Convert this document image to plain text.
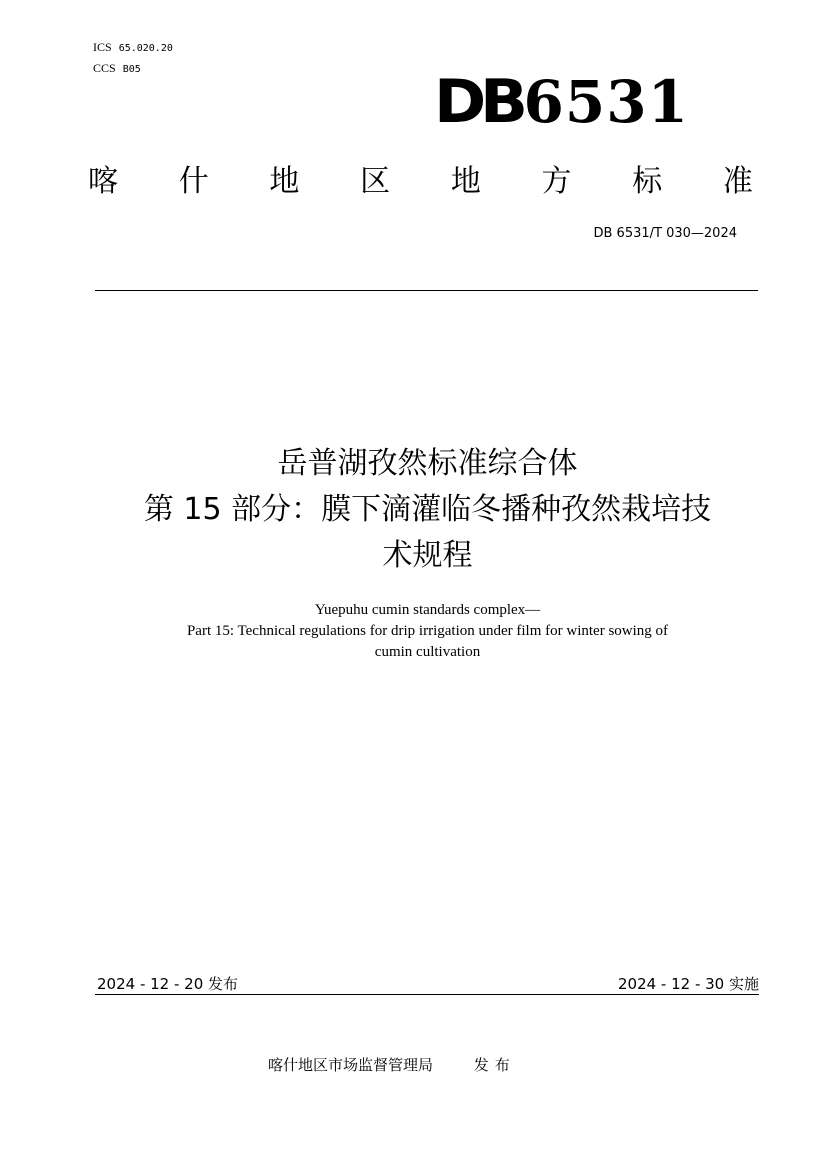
ICS 65.020.20
CCS B05	DB 6531
喀 什 地 区 地 方 标 准
DB 6531/T 030—2024
岳普湖孜然标准综合体
第 15 部分：膜下滴灌临冬播种孜然栽培技
术规程
Yuepuhu cumin standards complex—
Part 15: Technical regulations for drip irrigation under film for winter sowing of
cumin cultivation
2024 - 12 - 20 发布	2024 - 12 - 30 实施
喀什地区市场监督管理局	发布
